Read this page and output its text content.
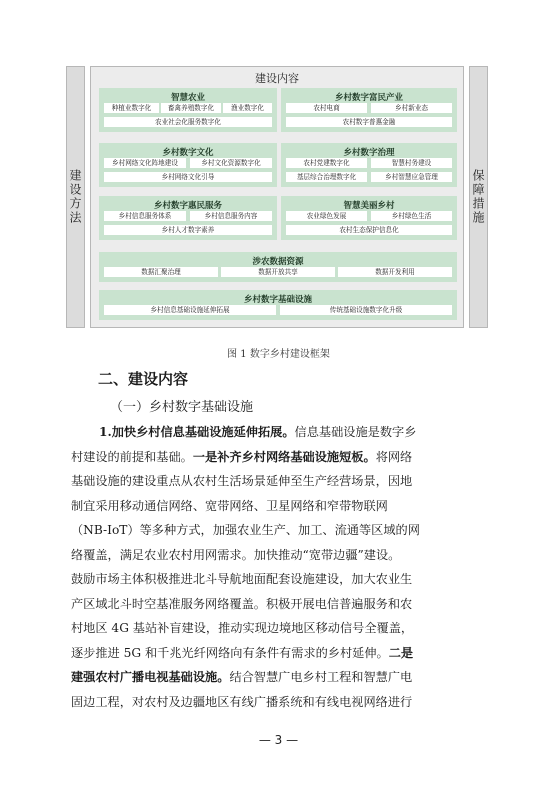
建设方法	保障措施
建设内容
智慧农业
种植业数字化	畜禽养殖数字化	渔业数字化
农业社会化服务数字化
乡村数字富民产业
农村电商	乡村新业态
农村数字普惠金融
乡村数字文化
乡村网络文化阵地建设	乡村文化资源数字化
乡村网络文化引导
乡村数字治理
农村党建数字化	智慧村务建设
基层综合治理数字化	乡村智慧应急管理
乡村数字惠民服务
乡村信息服务体系	乡村信息服务内容
乡村人才数字素养
智慧美丽乡村
农业绿色发展	乡村绿色生活
农村生态保护信息化
涉农数据资源
数据汇聚治理	数据开放共享	数据开发利用
乡村数字基础设施
乡村信息基础设施延伸拓展	传统基础设施数字化升级
图 1 数字乡村建设框架
二、建设内容
（一）乡村数字基础设施
1.加快乡村信息基础设施延伸拓展。信息基础设施是数字乡
村建设的前提和基础。一是补齐乡村网络基础设施短板。将网络
基础设施的建设重点从农村生活场景延伸至生产经营场景，因地
制宜采用移动通信网络、宽带网络、卫星网络和窄带物联网
（NB-IoT）等多种方式，加强农业生产、加工、流通等区域的网
络覆盖，满足农业农村用网需求。加快推动“宽带边疆”建设。
鼓励市场主体积极推进北斗导航地面配套设施建设，加大农业生
产区域北斗时空基准服务网络覆盖。积极开展电信普遍服务和农
村地区 4G 基站补盲建设，推动实现边境地区移动信号全覆盖，
逐步推进 5G 和千兆光纤网络向有条件有需求的乡村延伸。二是
建强农村广播电视基础设施。结合智慧广电乡村工程和智慧广电
固边工程，对农村及边疆地区有线广播系统和有线电视网络进行
— 3 —
